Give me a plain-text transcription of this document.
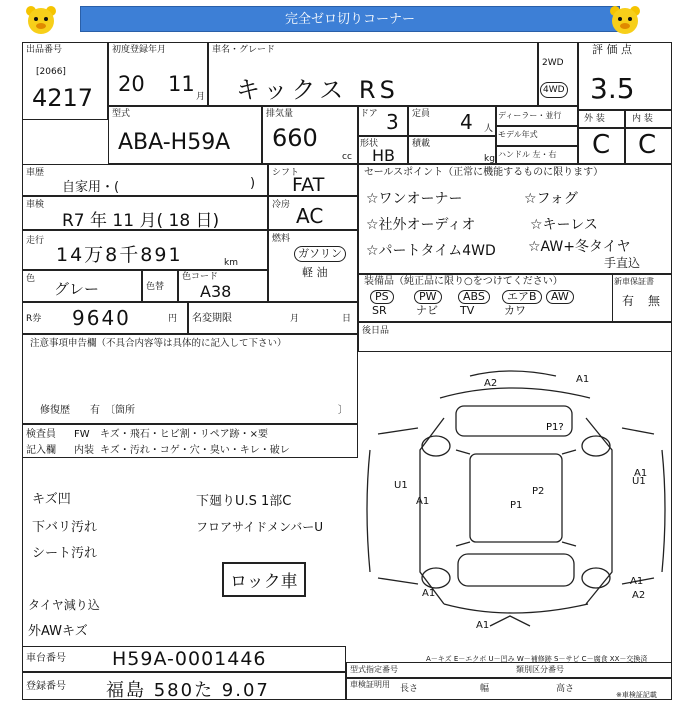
完全ゼロ切りコーナー
出品番号
[2066]
4217
初度登録年月
20 11
月
車名・グレード
キックス RS
2WD
4WD
評 価 点
3.5
型式
ABA-H59A
排気量
660
cc
ドア 3 定員 4 人
ディーラー・並行
モデル年式
形状
HB
積載
kg ハンドル 左・右
外 装	内 装
C C
車歴
自家用・(	)
シフト
FAT
車検
R7 年 11 月( 18 日)
冷房 AC
走行
14万8千891	km
燃料
ガソリン
軽 油
色
グレー	色替
色コード
A38
R券 9640	円 名変期限	月	日
注意事項申告欄（不具合内容等は具体的に記入して下さい）
修復歴　　有　〔箇所	〕
セールスポイント（正常に機能するものに限ります）
☆ワンオーナー	☆フォグ
☆社外オーディオ	☆キーレス
☆パートタイム4WD ☆AW+冬タイヤ
手直込
装備品（純正品に限り○をつけてください）	新車保証書
PS	PW	ABS	エアB	AW
SR	ナビ TV	カワ
有 無
後日品
検査員
記入欄
FW キズ・飛石・ヒビ割・リペア跡・×要
内装 キズ・汚れ・コゲ・穴・臭い・キレ・破レ
キズ凹
下バリ汚れ
シート汚れ
タイヤ減り込
外AWキズ
下廻りU.S 1部C
フロアサイドメンバーU
ロック車
A2	A1
P1
P2
U1
A1
A1
U1
A1
A1
A2
A1
P1?
A－キズ E－エクボ U－凹み W－補修跡 S－サビ C－腐食 XX－交換済
車台番号 H59A-0001446
登録番号 福島 580た 9.07
型式指定番号	類別区分番号
車検証明用 長さ	幅	高さ
※車検証記載
